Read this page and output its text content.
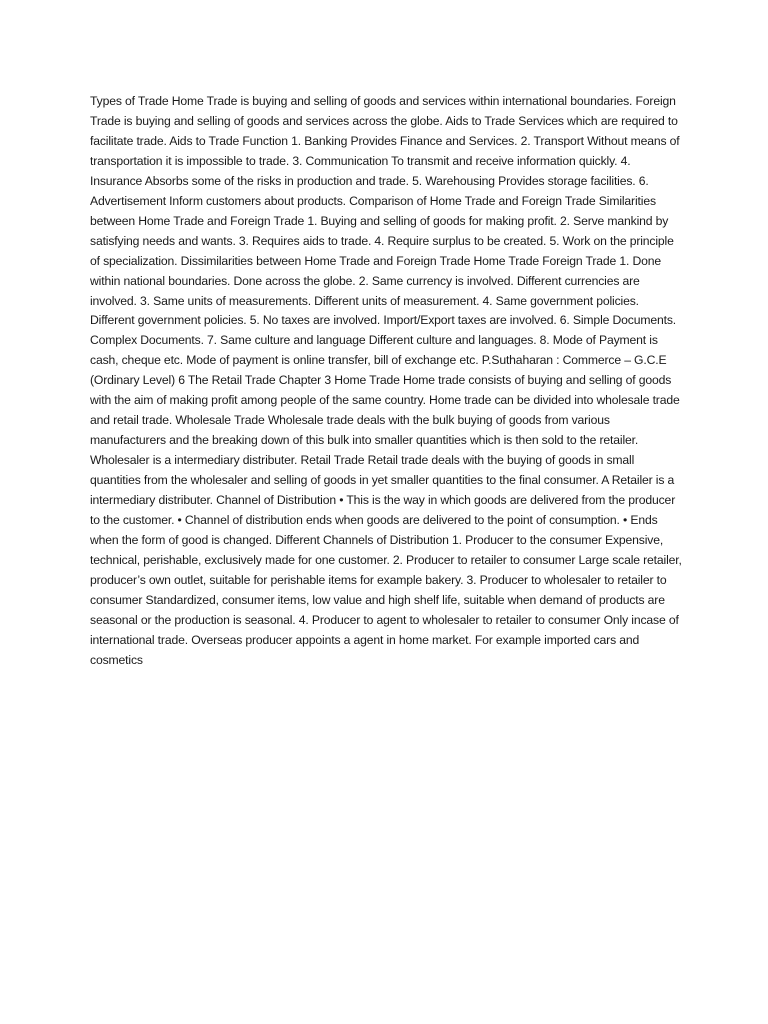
Types of Trade Home Trade is buying and selling of goods and services within international boundaries. Foreign Trade is buying and selling of goods and services across the globe. Aids to Trade Services which are required to facilitate trade. Aids to Trade Function 1. Banking Provides Finance and Services. 2. Transport Without means of transportation it is impossible to trade. 3. Communication To transmit and receive information quickly. 4. Insurance Absorbs some of the risks in production and trade. 5. Warehousing Provides storage facilities. 6. Advertisement Inform customers about products. Comparison of Home Trade and Foreign Trade Similarities between Home Trade and Foreign Trade 1. Buying and selling of goods for making profit. 2. Serve mankind by satisfying needs and wants. 3. Requires aids to trade. 4. Require surplus to be created. 5. Work on the principle of specialization. Dissimilarities between Home Trade and Foreign Trade Home Trade Foreign Trade 1. Done within national boundaries. Done across the globe. 2. Same currency is involved. Different currencies are involved. 3. Same units of measurements. Different units of measurement. 4. Same government policies. Different government policies. 5. No taxes are involved. Import/Export taxes are involved. 6. Simple Documents. Complex Documents. 7. Same culture and language Different culture and languages. 8. Mode of Payment is cash, cheque etc. Mode of payment is online transfer, bill of exchange etc. P.Suthaharan : Commerce – G.C.E (Ordinary Level) 6 The Retail Trade Chapter 3 Home Trade Home trade consists of buying and selling of goods with the aim of making profit among people of the same country. Home trade can be divided into wholesale trade and retail trade. Wholesale Trade Wholesale trade deals with the bulk buying of goods from various manufacturers and the breaking down of this bulk into smaller quantities which is then sold to the retailer. Wholesaler is a intermediary distributer. Retail Trade Retail trade deals with the buying of goods in small quantities from the wholesaler and selling of goods in yet smaller quantities to the final consumer. A Retailer is a intermediary distributer. Channel of Distribution • This is the way in which goods are delivered from the producer to the customer. • Channel of distribution ends when goods are delivered to the point of consumption. • Ends when the form of good is changed. Different Channels of Distribution 1. Producer to the consumer Expensive, technical, perishable, exclusively made for one customer. 2. Producer to retailer to consumer Large scale retailer, producer’s own outlet, suitable for perishable items for example bakery. 3. Producer to wholesaler to retailer to consumer Standardized, consumer items, low value and high shelf life, suitable when demand of products are seasonal or the production is seasonal. 4. Producer to agent to wholesaler to retailer to consumer Only incase of international trade. Overseas producer appoints a agent in home market. For example imported cars and cosmetics
